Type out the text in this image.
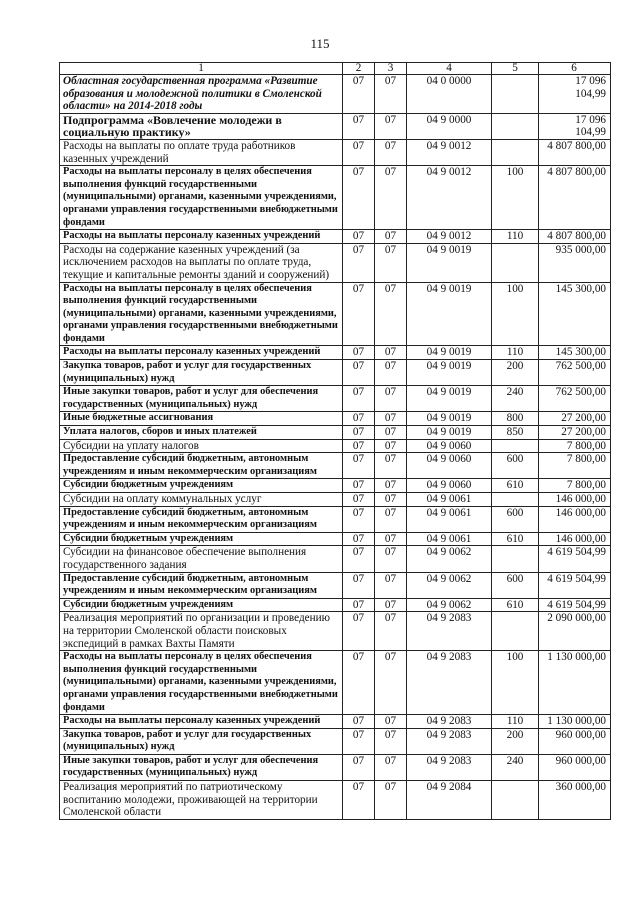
115
1	2	3	4	5	6
Областная государственная программа «Развитие образования и молодежной политики в Смоленской области» на 2014-2018 годы	07	07	04 0 0000		17 096 104,99
Подпрограмма «Вовлечение молодежи в социальную практику»	07	07	04 9 0000		17 096 104,99
Расходы на выплаты по оплате труда работников казенных учреждений	07	07	04 9 0012		4 807 800,00
Расходы на выплаты персоналу в целях обеспечения выполнения функций государственными (муниципальными) органами, казенными учреждениями, органами управления государственными внебюджетными фондами	07	07	04 9 0012	100	4 807 800,00
Расходы на выплаты персоналу казенных учреждений	07	07	04 9 0012	110	4 807 800,00
Расходы на содержание казенных учреждений (за исключением расходов на выплаты по оплате труда, текущие и капитальные ремонты зданий и сооружений)	07	07	04 9 0019		935 000,00
Расходы на выплаты персоналу в целях обеспечения выполнения функций государственными (муниципальными) органами, казенными учреждениями, органами управления государственными внебюджетными фондами	07	07	04 9 0019	100	145 300,00
Расходы на выплаты персоналу казенных учреждений	07	07	04 9 0019	110	145 300,00
Закупка товаров, работ и услуг для государственных (муниципальных) нужд	07	07	04 9 0019	200	762 500,00
Иные закупки товаров, работ и услуг для обеспечения государственных (муниципальных) нужд	07	07	04 9 0019	240	762 500,00
Иные бюджетные ассигнования	07	07	04 9 0019	800	27 200,00
Уплата налогов, сборов и иных платежей	07	07	04 9 0019	850	27 200,00
Субсидии на уплату налогов	07	07	04 9 0060		7 800,00
Предоставление субсидий бюджетным, автономным учреждениям и иным некоммерческим организациям	07	07	04 9 0060	600	7 800,00
Субсидии бюджетным учреждениям	07	07	04 9 0060	610	7 800,00
Субсидии на оплату коммунальных услуг	07	07	04 9 0061		146 000,00
Предоставление субсидий бюджетным, автономным учреждениям и иным некоммерческим организациям	07	07	04 9 0061	600	146 000,00
Субсидии бюджетным учреждениям	07	07	04 9 0061	610	146 000,00
Субсидии на финансовое обеспечение выполнения государственного задания	07	07	04 9 0062		4 619 504,99
Предоставление субсидий бюджетным, автономным учреждениям и иным некоммерческим организациям	07	07	04 9 0062	600	4 619 504,99
Субсидии бюджетным учреждениям	07	07	04 9 0062	610	4 619 504,99
Реализация мероприятий по организации и проведению на территории Смоленской области поисковых экспедиций в рамках Вахты Памяти	07	07	04 9 2083		2 090 000,00
Расходы на выплаты персоналу в целях обеспечения выполнения функций государственными (муниципальными) органами, казенными учреждениями, органами управления государственными внебюджетными фондами	07	07	04 9 2083	100	1 130 000,00
Расходы на выплаты персоналу казенных учреждений	07	07	04 9 2083	110	1 130 000,00
Закупка товаров, работ и услуг для государственных (муниципальных) нужд	07	07	04 9 2083	200	960 000,00
Иные закупки товаров, работ и услуг для обеспечения государственных (муниципальных) нужд	07	07	04 9 2083	240	960 000,00
Реализация мероприятий по патриотическому воспитанию молодежи, проживающей на территории Смоленской области	07	07	04 9 2084		360 000,00
